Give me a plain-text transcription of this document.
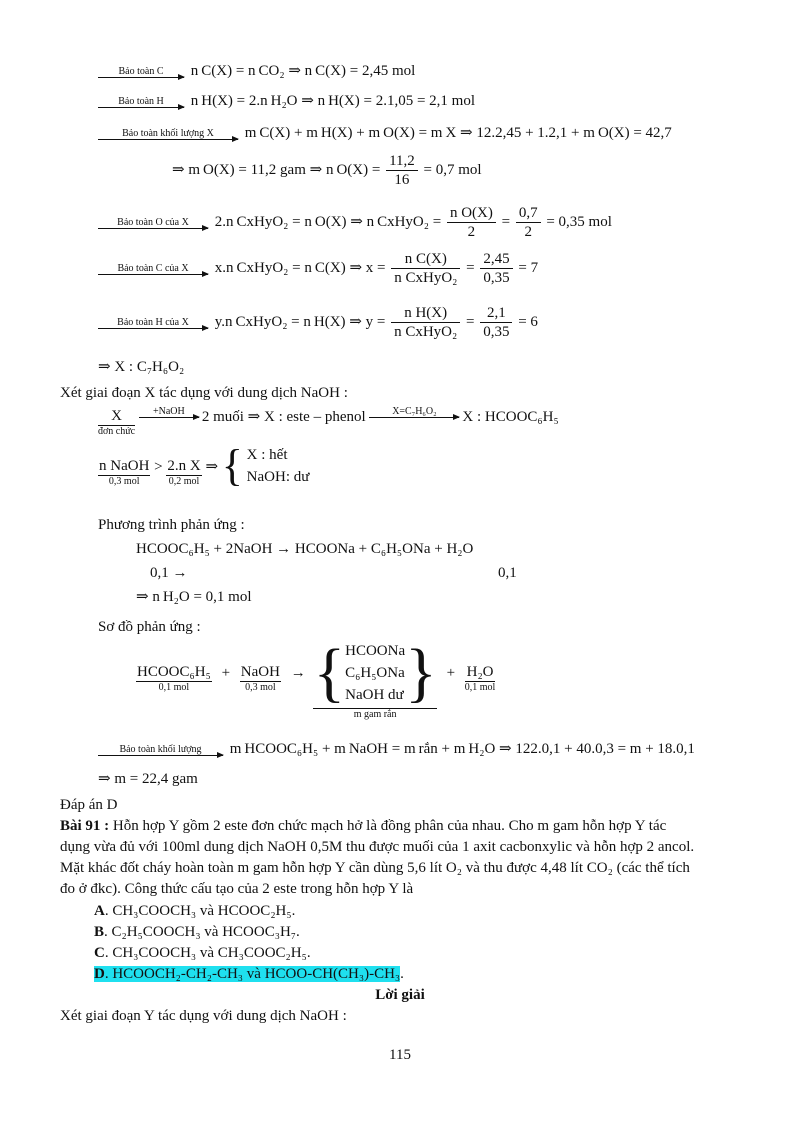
Bảo toàn C	n C(X) = n CO₂ ⇒ n C(X) = 2,45 mol
Bảo toàn H	n H(X) = 2.n H₂O ⇒ n H(X) = 2.1,05 = 2,1 mol
Bảo toàn khối lượng X	m C(X) + m H(X) + m O(X) = m X ⇒ 12.2,45 + 1.2,1 + m O(X) = 42,7
⇒ m O(X) = 11,2 gam ⇒ n $O(X) = \frac{11,2}{16} = 0,7$ mol
Bảo toàn O của X	2.n CxHyO₂ = n O(X) ⇒ n CxHyO₂ = $\frac{\text{n O(X)}}{2} = \frac{0,7}{2} = 0,35$ mol
Bảo toàn C của X	x.n CxHyO₂ = n C(X) ⇒ $x = \frac{\text{n C(X)}}{\text{n CxHyO₂}} = \frac{2,45}{0,35} = 7$
Bảo toàn H của X	y.n CxHyO₂ = n H(X) ⇒ $y = \frac{\text{n H(X)}}{\text{n CxHyO₂}} = \frac{2,1}{0,35} = 6$
⇒ X : C₇H₆O₂
Xét giai đoạn X tác dụng với dung dịch NaOH :
X
đơn chức

+NaOH	2 muối ⇒ X : este – phenol	X=C₇H₆O₂	X : HCOOC₆H₅
n NaOH
0,3 mol
> 2.n X
0,2 mol
⇒ { X : hết
NaOH: dư
Phương trình phản ứng :
HCOOC₆H₅ + 2NaOH → HCOONa + C₆H₅ONa + H₂O
0,1 →	0,1
⇒ n H₂O = 0,1 mol
Sơ đồ phản ứng :
HCOOC₆H₅
0,1 mol
+ NaOH
0,3 mol
→ { HCOONa
C₆H₅ONa
NaOH dư }
m gam rắn
+ H₂O
0,1 mol
Bảo toàn khối lượng	m HCOOC₆H₅ + m NaOH = m rắn + m H₂O ⇒ 122.0,1 + 40.0,3 = m + 18.0,1
⇒ m = 22,4 gam
Đáp án D
Bài 91 : Hỗn hợp Y gồm 2 este đơn chức mạch hở là đồng phân của nhau. Cho m gam hỗn hợp Y tác
dụng vừa đủ với 100ml dung dịch NaOH 0,5M thu được muối của 1 axit cacbonxylic và hỗn hợp 2 ancol.
Mặt khác đốt cháy hoàn toàn m gam hỗn hợp Y cần dùng 5,6 lít O₂ và thu được 4,48 lít CO₂ (các thể tích
đo ở đkc). Công thức cấu tạo của 2 este trong hỗn hợp Y là
A. CH₃COOCH₃ và HCOOC₂H₅.
B. C₂H₅COOCH₃ và HCOOC₃H₇.
C. CH₃COOCH₃ và CH₃COOC₂H₅.
D. HCOOCH₂-CH₂-CH₃ và HCOO-CH(CH₃)-CH₃.
Lời giải
Xét giai đoạn Y tác dụng với dung dịch NaOH :
115
